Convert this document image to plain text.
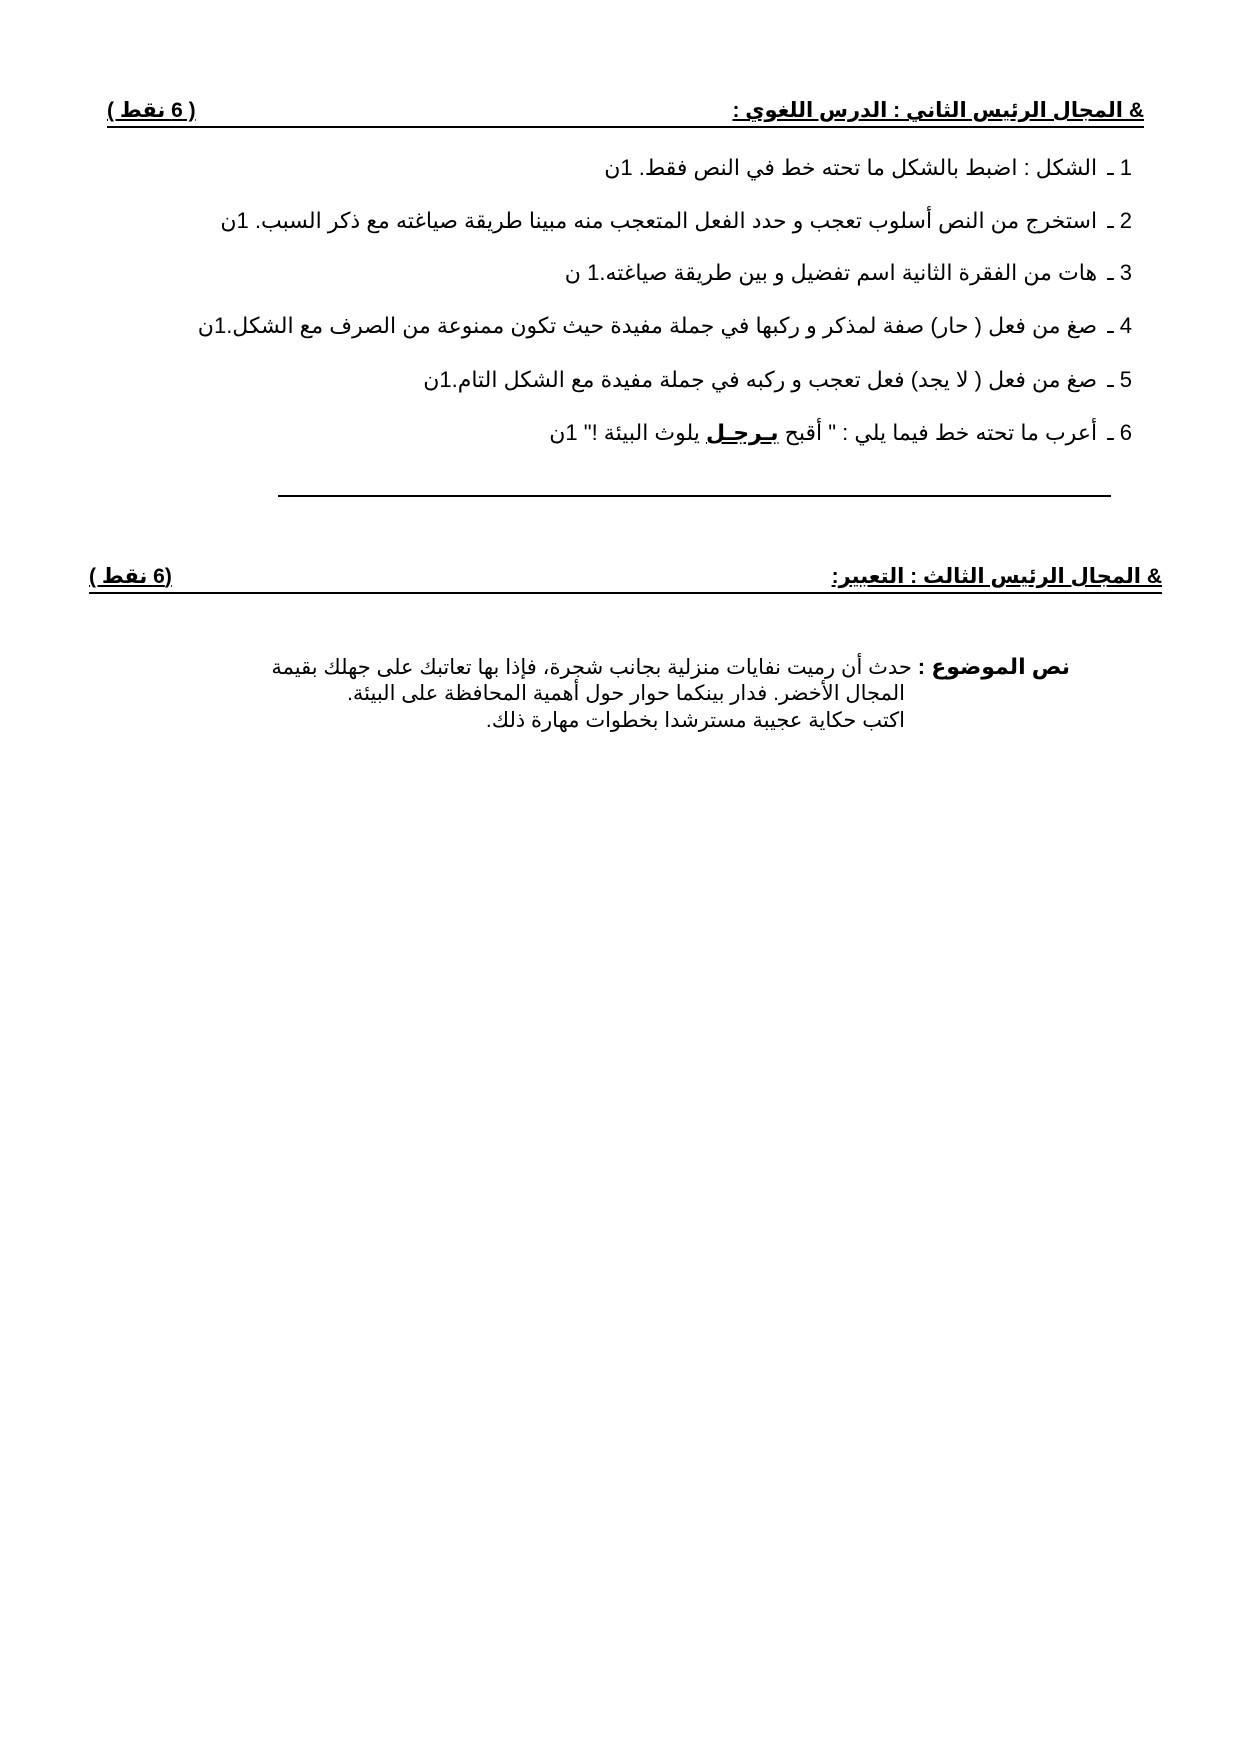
& المجال الرئيس الثاني : الدرس اللغوي :
( 6 نقط )
1 ـ الشكل : اضبط بالشكل ما تحته خط في النص فقط. 1ن
2 ـ استخرج من النص أسلوب تعجب و حدد الفعل المتعجب منه مبينا طريقة صياغته مع ذكر السبب. 1ن
3 ـ هات من الفقرة الثانية اسم تفضيل و بين طريقة صياغته.1 ن
4 ـ صغ من فعل ( حار) صفة لمذكر و ركبها في جملة مفيدة حيث تكون ممنوعة من الصرف مع الشكل.1ن
5 ـ صغ من فعل ( لا يجد) فعل تعجب و ركبه في جملة مفيدة مع الشكل التام.1ن
6 ـ أعرب ما تحته خط فيما يلي : " أقبح بـرجـل يلوث البيئة !" 1ن
& المجال الرئيس الثالث : التعبير:
(6 نقط )
نص الموضوع : حدث أن رميت نفايات منزلية بجانب شجرة، فإذا بها تعاتبك على جهلك بقيمة
المجال الأخضر. فدار بينكما حوار حول أهمية المحافظة على البيئة.
اكتب حكاية عجيبة مسترشدا بخطوات مهارة ذلك.
